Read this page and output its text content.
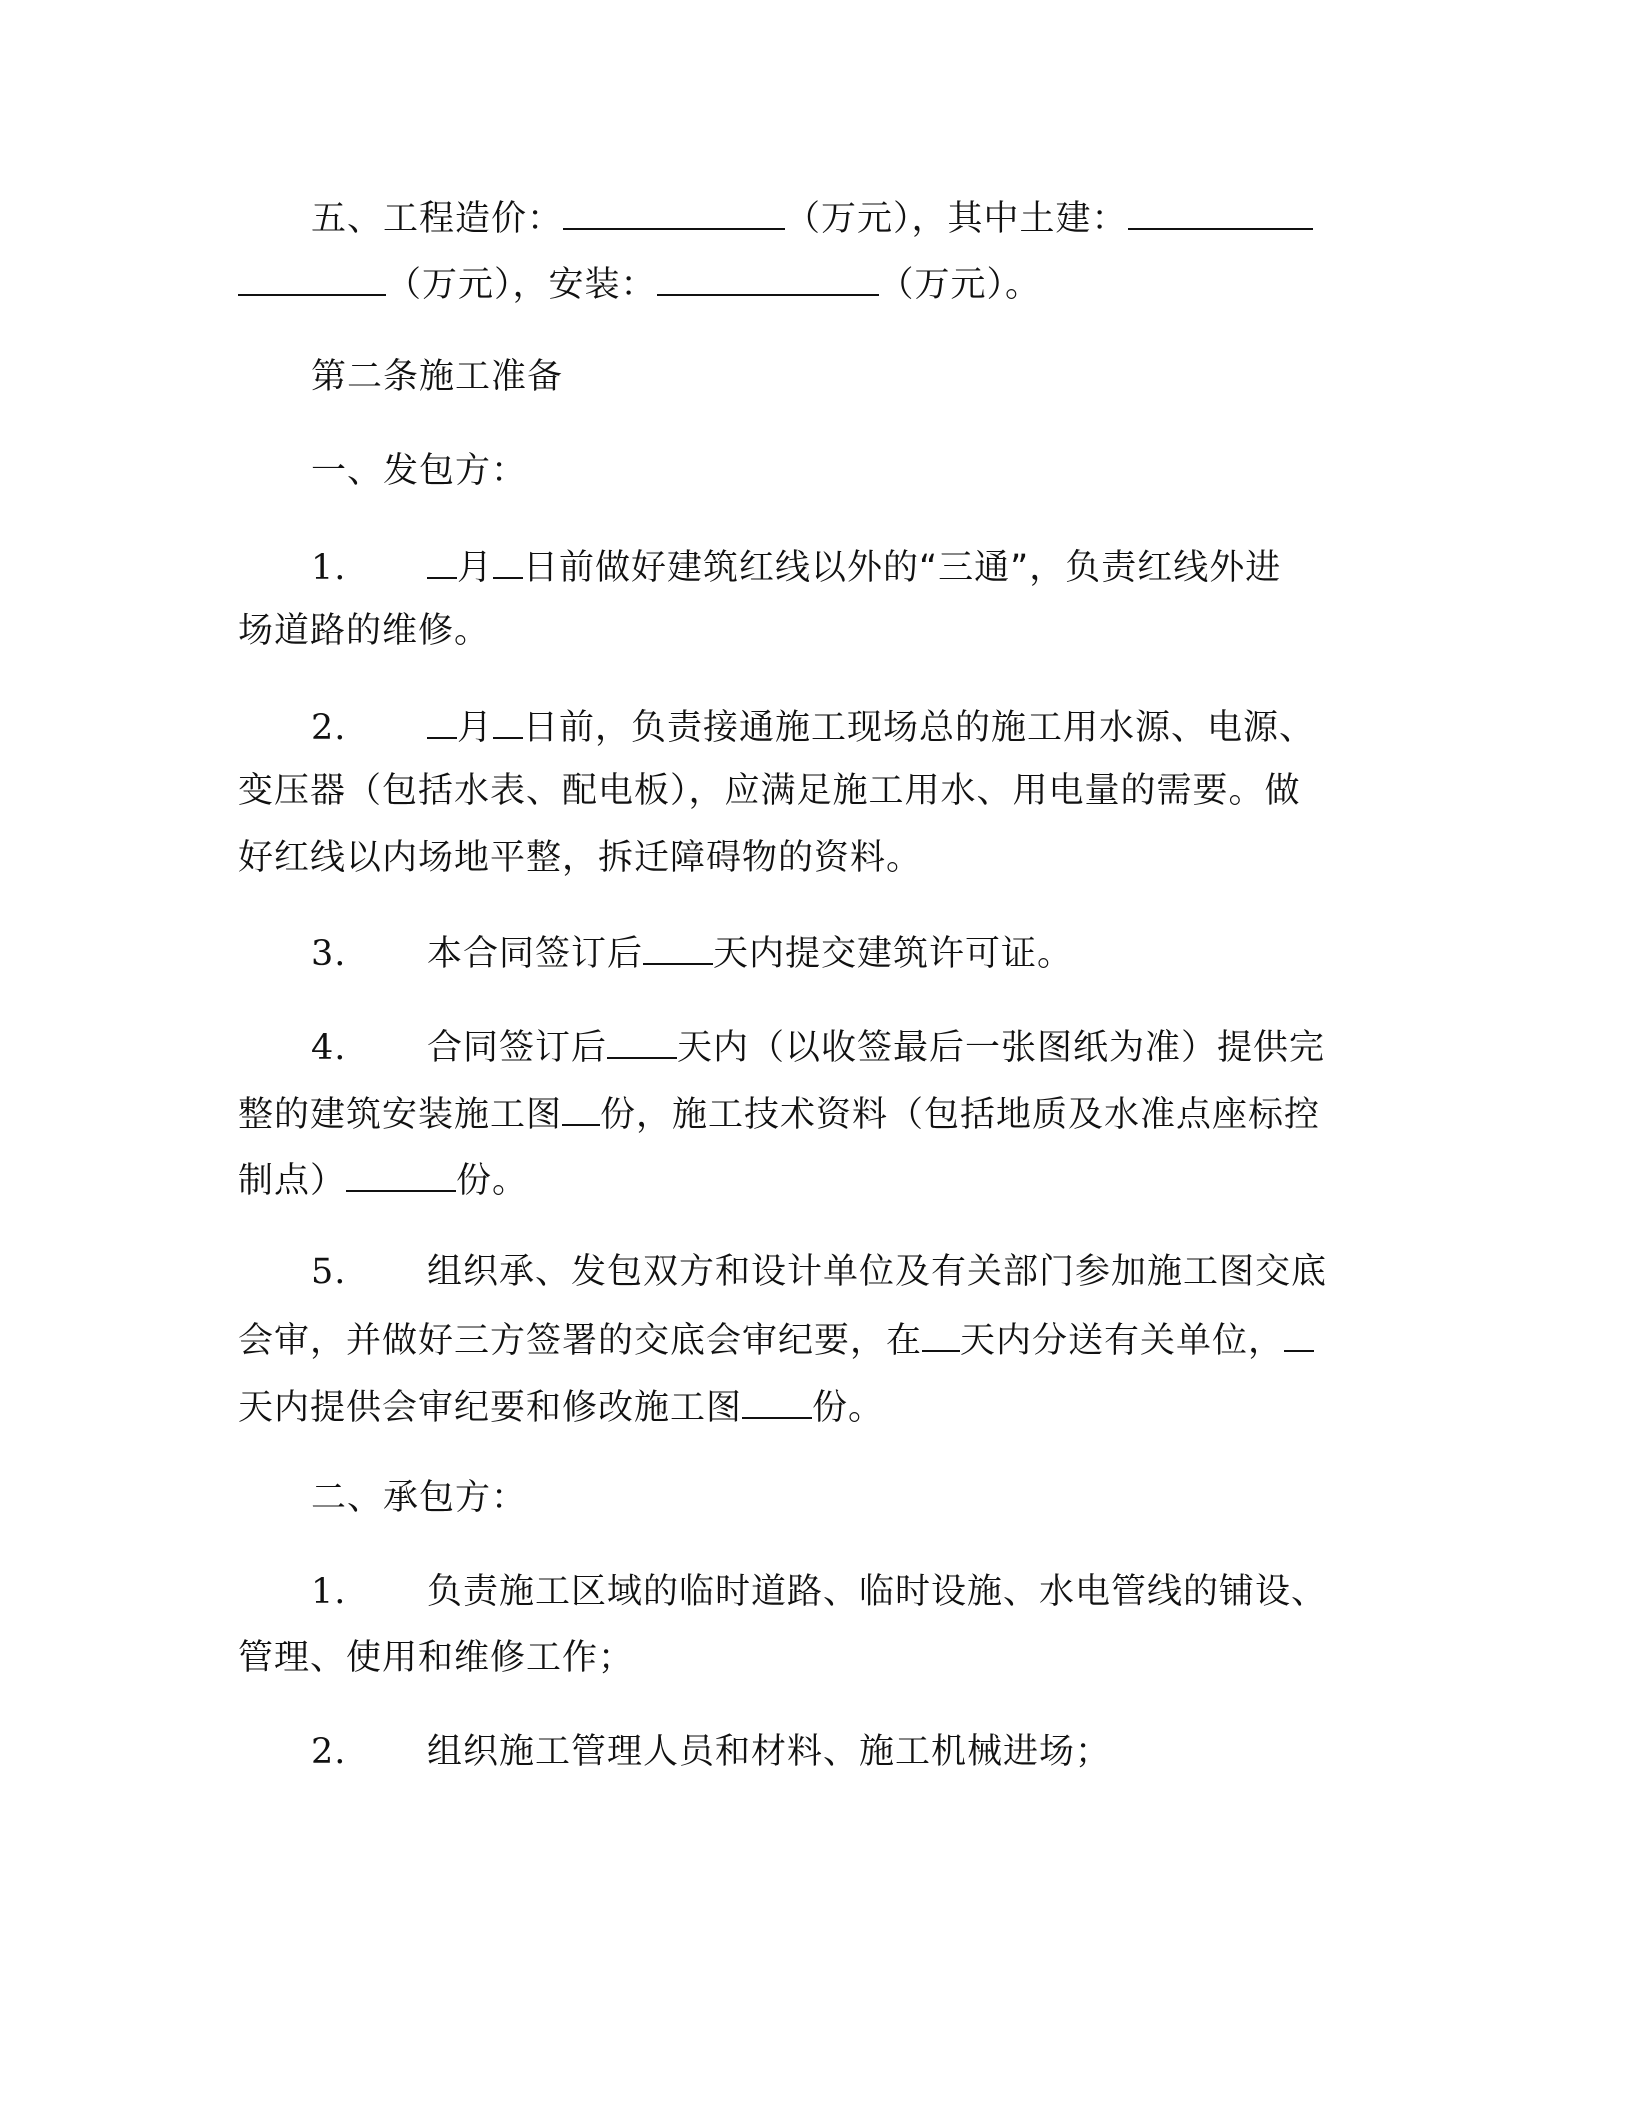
五、工程造价：	（万元），其中土建：
（万元），安装：	（万元）。
第二条施工准备
一、发包方：
1.	月 日前做好建筑红线以外的“三通”，负责红线外进
场道路的维修。
2.	月 日前，负责接通施工现场总的施工用水源、电源、
变压器（包括水表、配电板），应满足施工用水、用电量的需要。做
好红线以内场地平整，拆迁障碍物的资料。
3. 本合同签订后 天内提交建筑许可证。
4. 合同签订后 天内（以收签最后一张图纸为准）提供完
整的建筑安装施工图 份，施工技术资料（包括地质及水准点座标控
制点）	份。
5. 组织承、发包双方和设计单位及有关部门参加施工图交底
会审，并做好三方签署的交底会审纪要，在 天内分送有关单位，
天内提供会审纪要和修改施工图 份。
二、承包方：
1. 负责施工区域的临时道路、临时设施、水电管线的铺设、
管理、使用和维修工作；
2. 组织施工管理人员和材料、施工机械进场；
